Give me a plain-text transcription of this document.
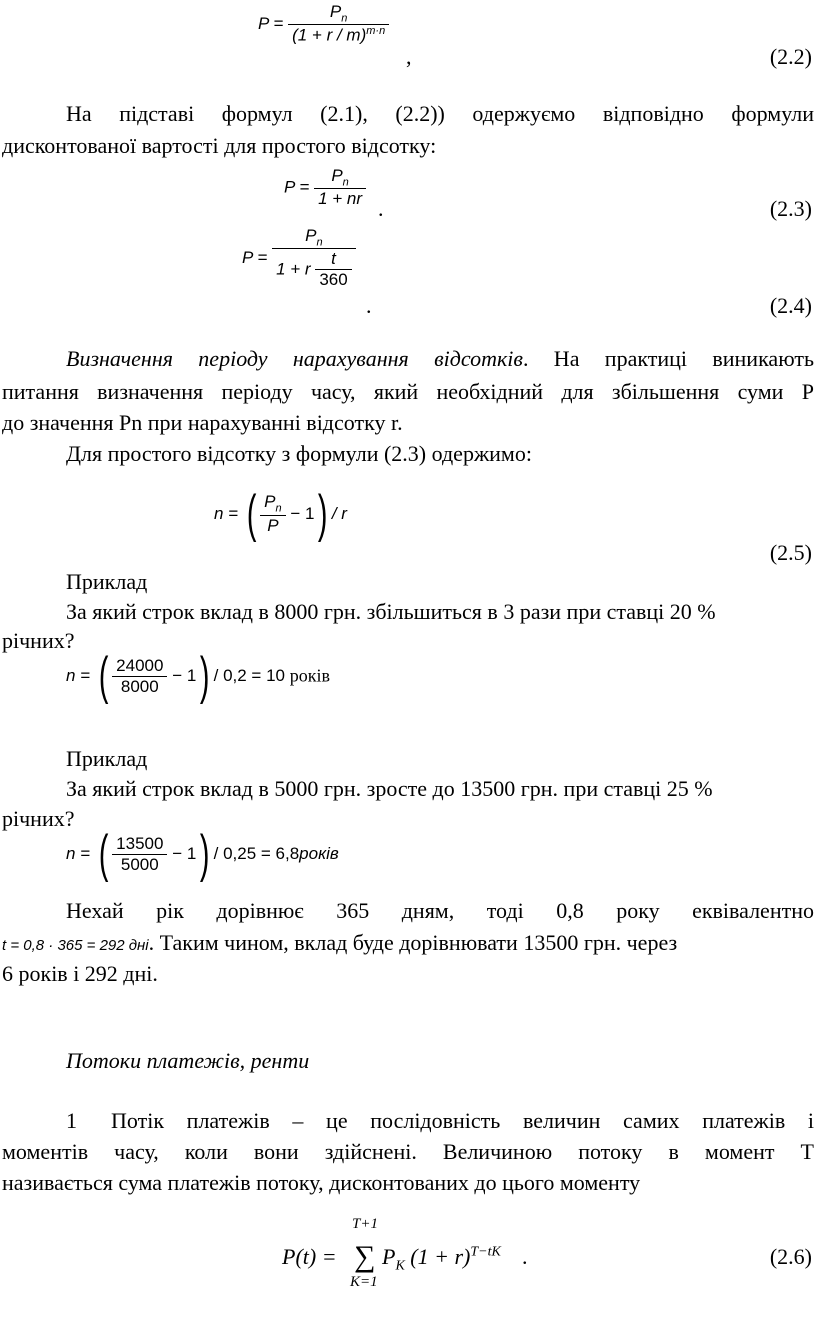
$P = \frac{P_n}{(1 + r / m)^{m\cdot n}}$
,	(2.2)
На підставі формул (2.1), (2.2)) одержуємо відповідно формули
дисконтованої вартості для простого відсотку:
$P = \frac{P_n}{1 + nr}$ .	(2.3)
$P = \frac{P_n}{1 + r \frac{t}{360}}$
.	(2.4)
Визначення періоду нарахування відсотків. На практиці виникають
питання визначення періоду часу, який необхідний для збільшення суми P
до значення Pn при нарахуванні відсотку r.
Для простого відсотку з формули (2.3) одержимо:
n = ( $\frac{P_n}{P} - 1) / r$
(2.5)
Приклад
За який строк вклад в 8000 грн. збільшиться в 3 рази при ставці 20 %
річних?
n = ( $\frac{24000}{8000} - 1) / 0,2 = 10$ років
Приклад
За який строк вклад в 5000 грн. зросте до 13500 грн. при ставці 25 %
річних?
n = ( $\frac{13500}{5000} - 1) / 0,25$ = 6,8років
Нехай рік дорівнює 365 дням, тоді 0,8 року еквівалентно
t = 0,8 · 365 = 292 дні. Таким чином, вклад буде дорівнювати 13500 грн. через
6 років і 292 дні.
Потоки платежів, ренти
1 Потік платежів – це послідовність величин самих платежів і
моментів часу, коли вони здійснені. Величиною потоку в момент T
називається сума платежів потоку, дисконтованих до цього моменту
P(t) =
T+1
∑
K=1
$P_K$ $(1 + r)^{T-tK}$ .	(2.6)
